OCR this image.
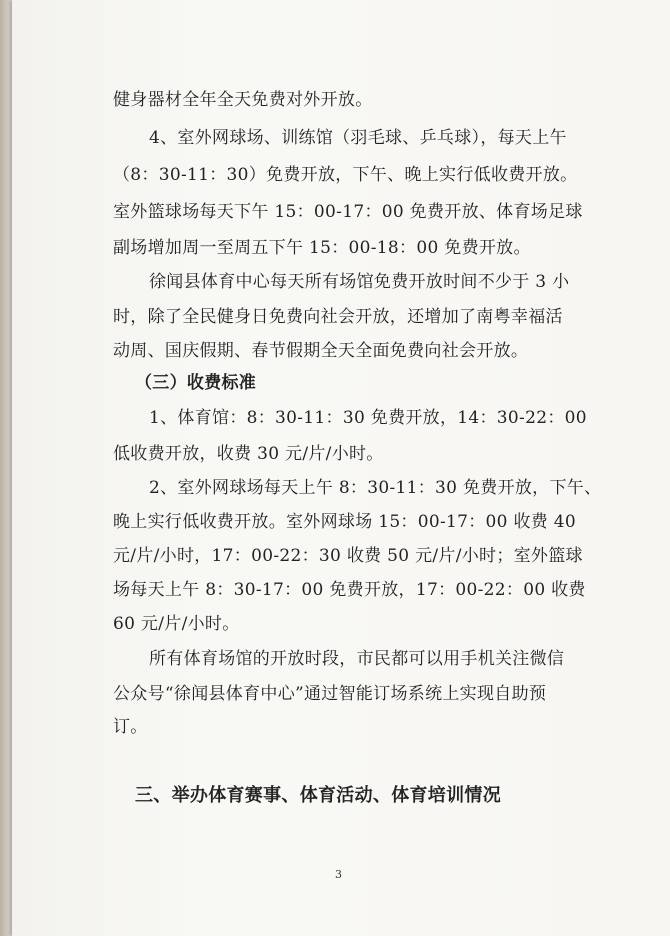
健身器材全年全天免费对外开放。
4、室外网球场、训练馆（羽毛球、乒乓球），每天上午
（8：30-11：30）免费开放，下午、晚上实行低收费开放。
室外篮球场每天下午 15：00-17：00 免费开放、体育场足球
副场增加周一至周五下午 15：00-18：00 免费开放。
徐闻县体育中心每天所有场馆免费开放时间不少于 3 小
时，除了全民健身日免费向社会开放，还增加了南粤幸福活
动周、国庆假期、春节假期全天全面免费向社会开放。
（三）收费标准
1、体育馆：8：30-11：30 免费开放，14：30-22：00
低收费开放，收费 30 元/片/小时。
2、室外网球场每天上午 8：30-11：30 免费开放，下午、
晚上实行低收费开放。室外网球场 15：00-17：00 收费 40
元/片/小时，17：00-22：30 收费 50 元/片/小时；室外篮球
场每天上午 8：30-17：00 免费开放，17：00-22：00 收费
60 元/片/小时。
所有体育场馆的开放时段，市民都可以用手机关注微信
公众号“徐闻县体育中心”通过智能订场系统上实现自助预
订。
三、举办体育赛事、体育活动、体育培训情况
3
